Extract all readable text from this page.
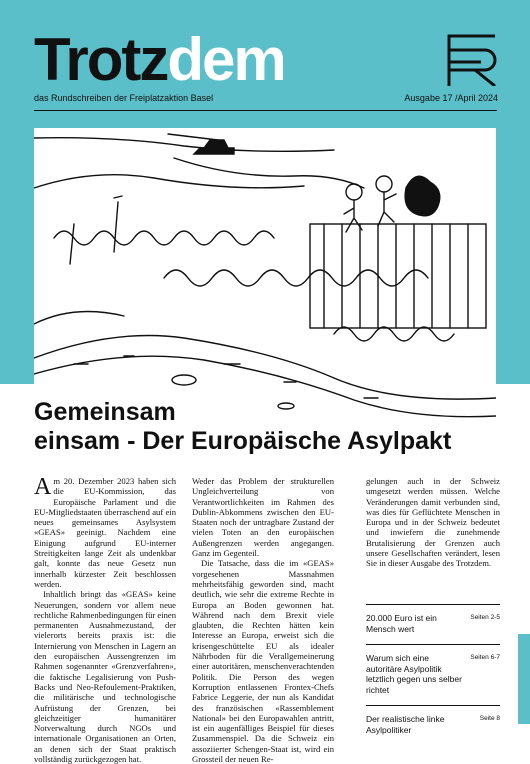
Trotzdem
das Rundschreiben der Freiplatzaktion Basel	Ausgabe 17 /April 2024
Gemeinsam
einsam - Der Europäische Asylpakt

Am 20. Dezember 2023 haben sich die EU-Kommission, das Europäische Parlament und die EU-Mitgliedstaaten überraschend auf ein neues gemeinsames Asylsystem «GEAS» geeinigt. Nachdem eine Einigung aufgrund EU-interner Streitigkeiten lange Zeit als undenkbar galt, konnte das neue Gesetz nun innerhalb kürzester Zeit beschlossen werden.

Inhaltlich bringt das «GEAS» keine Neuerungen, sondern vor allem neue rechtliche Rahmenbedingungen für einen permanenten Ausnahmezustand, der vielerorts bereits praxis ist: die Internierung von Menschen in Lagern an den europäischen Aussengrenzen im Rahmen sogenannter «Grenzverfahren», die faktische Legalisierung von Push-Backs und Neo-Refoulement-Praktiken, die militärische und technologische Aufrüstung der Grenzen, bei gleichzeitiger humanitärer Notverwaltung durch NGOs und internationale Organisationen an Orten, an denen sich der Staat praktisch vollständig zurückgezogen hat.

Weder das Problem der strukturellen Ungleichverteilung von Verantwortlichkeiten im Rahmen des Dublin-Abkommens zwischen den EU-Staaten noch der untragbare Zustand der vielen Toten an den europäischen Außengrenzen werden angegangen. Ganz im Gegenteil.

Die Tatsache, dass die im «GEAS» vorgesehenen Massnahmen mehrheitsfähig geworden sind, macht deutlich, wie sehr die extreme Rechte in Europa an Boden gewonnen hat. Während nach dem Brexit viele glaubten, die Rechten hätten kein Interesse an Europa, erweist sich die krisengeschüttelte EU als idealer Nährboden für die Verallgemeinerung einer autoritären, menschenverachtenden Politik. Die Person des wegen Korruption entlassenen Frontex-Chefs Fabrice Leggerie, der nun als Kandidat des französischen «Rassemblement National» bei den Europawahlen antritt, ist ein augenfälliges Beispiel für dieses Zusammenspiel. Da die Schweiz ein assoziierter Schengen-Staat ist, wird ein Grossteil der neuen Re-

gelungen auch in der Schweiz umgesetzt werden müssen. Welche Veränderungen damit verbunden sind, was dies für Geflüchtete Menschen in Europa und in der Schweiz bedeutet und inwiefern die zunehmende Brutalisierung der Grenzen auch unsere Gesellschaften verändert, lesen Sie in dieser Ausgabe des Trotzdem.

20.000 Euro ist ein Mensch wert
Seiten 2-5
Warum sich eine autoritäre Asylpolitik letztlich gegen uns selber richtet
Seiten 6-7
Der realistische linke Asylpolitiker
Seite 8
